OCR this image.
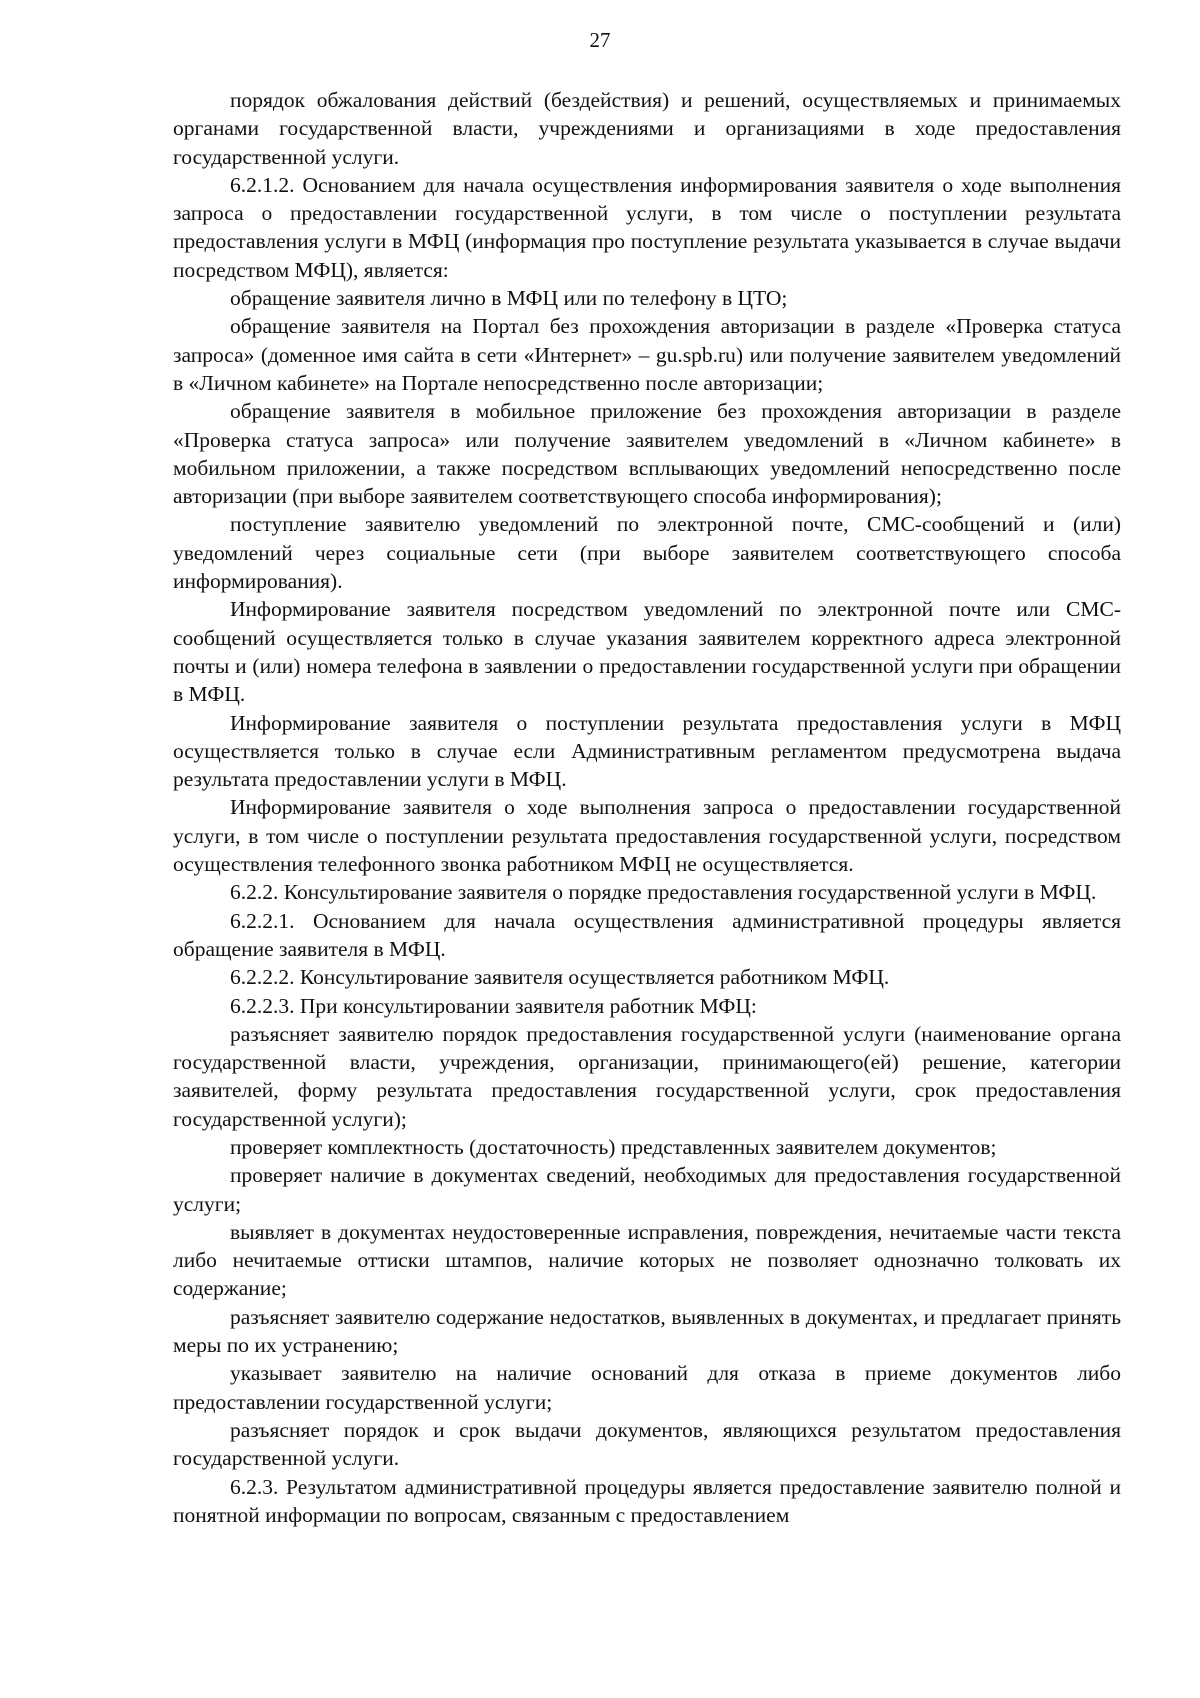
27

порядок обжалования действий (бездействия) и решений, осуществляемых и принимаемых органами государственной власти, учреждениями и организациями в ходе предоставления государственной услуги.

6.2.1.2. Основанием для начала осуществления информирования заявителя о ходе выполнения запроса о предоставлении государственной услуги, в том числе о поступлении результата предоставления услуги в МФЦ (информация про поступление результата указывается в случае выдачи посредством МФЦ), является:

обращение заявителя лично в МФЦ или по телефону в ЦТО;

обращение заявителя на Портал без прохождения авторизации в разделе «Проверка статуса запроса» (доменное имя сайта в сети «Интернет» – gu.spb.ru) или получение заявителем уведомлений в «Личном кабинете» на Портале непосредственно после авторизации;

обращение заявителя в мобильное приложение без прохождения авторизации в разделе «Проверка статуса запроса» или получение заявителем уведомлений в «Личном кабинете» в мобильном приложении, а также посредством всплывающих уведомлений непосредственно после авторизации (при выборе заявителем соответствующего способа информирования);

поступление заявителю уведомлений по электронной почте, СМС-сообщений и (или) уведомлений через социальные сети (при выборе заявителем соответствующего способа информирования).

Информирование заявителя посредством уведомлений по электронной почте или СМС-сообщений осуществляется только в случае указания заявителем корректного адреса электронной почты и (или) номера телефона в заявлении о предоставлении государственной услуги при обращении в МФЦ.

Информирование заявителя о поступлении результата предоставления услуги в МФЦ осуществляется только в случае если Административным регламентом предусмотрена выдача результата предоставлении услуги в МФЦ.

Информирование заявителя о ходе выполнения запроса о предоставлении государственной услуги, в том числе о поступлении результата предоставления государственной услуги, посредством осуществления телефонного звонка работником МФЦ не осуществляется.

6.2.2. Консультирование заявителя о порядке предоставления государственной услуги в МФЦ.

6.2.2.1. Основанием для начала осуществления административной процедуры является обращение заявителя в МФЦ.

6.2.2.2. Консультирование заявителя осуществляется работником МФЦ.

6.2.2.3. При консультировании заявителя работник МФЦ:

разъясняет заявителю порядок предоставления государственной услуги (наименование органа государственной власти, учреждения, организации, принимающего(ей) решение, категории заявителей, форму результата предоставления государственной услуги, срок предоставления государственной услуги);

проверяет комплектность (достаточность) представленных заявителем документов;

проверяет наличие в документах сведений, необходимых для предоставления государственной услуги;

выявляет в документах неудостоверенные исправления, повреждения, нечитаемые части текста либо нечитаемые оттиски штампов, наличие которых не позволяет однозначно толковать их содержание;

разъясняет заявителю содержание недостатков, выявленных в документах, и предлагает принять меры по их устранению;

указывает заявителю на наличие оснований для отказа в приеме документов либо предоставлении государственной услуги;

разъясняет порядок и срок выдачи документов, являющихся результатом предоставления государственной услуги.

6.2.3. Результатом административной процедуры является предоставление заявителю полной и понятной информации по вопросам, связанным с предоставлением
